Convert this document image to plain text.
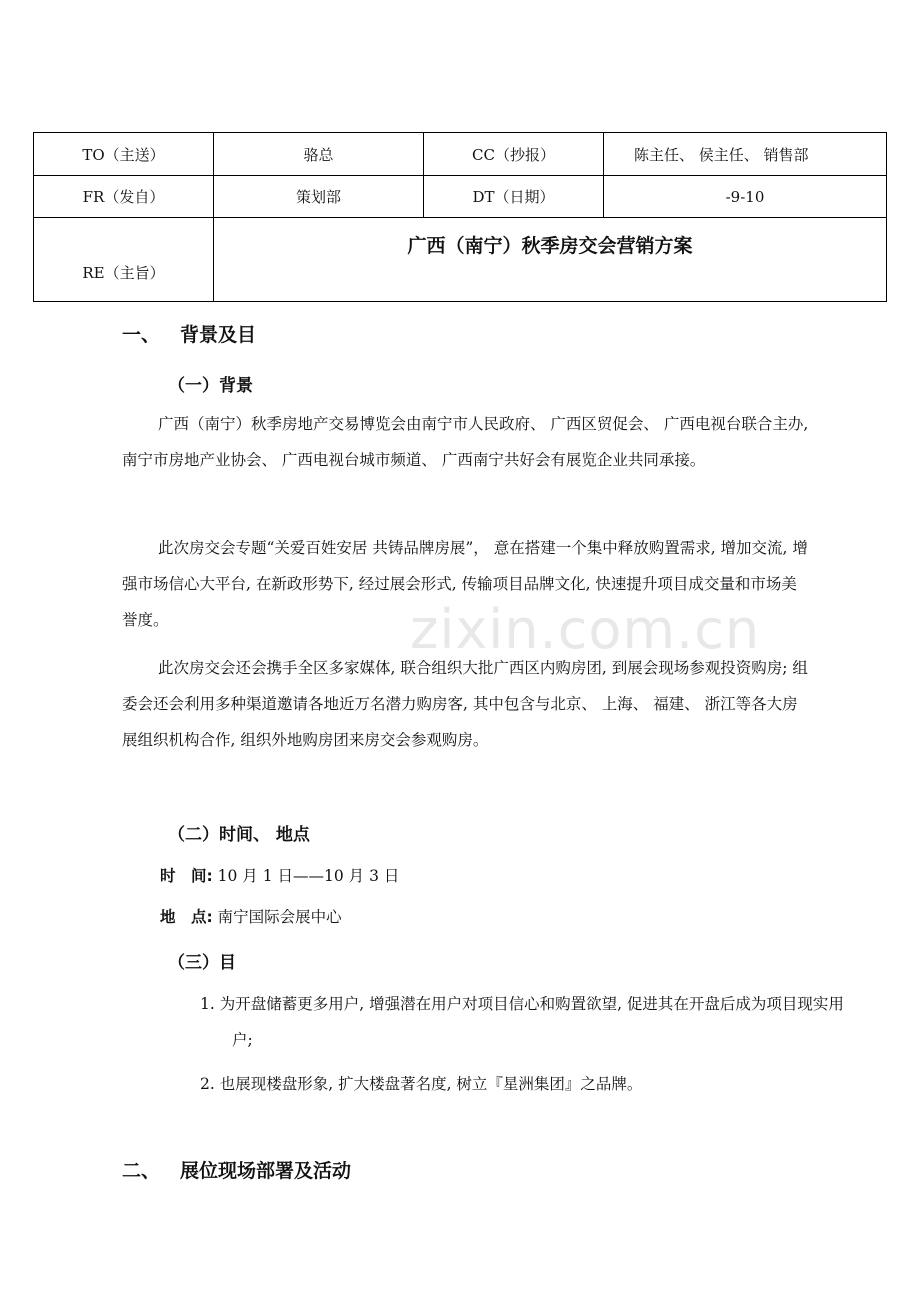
TO（主送）	骆总	CC（抄报）	陈主任、 侯主任、 销售部
FR（发自）	策划部	DT（日期）	-9-10
RE（主旨）	广西（南宁）秋季房交会营销方案		
一、 背景及目
（一）背景

广西（南宁）秋季房地产交易博览会由南宁市人民政府、 广西区贸促会、 广西电视台联合主办, 南宁市房地产业协会、 广西电视台城市频道、 广西南宁共好会有展览企业共同承接。

此次房交会专题“关爱百姓安居 共铸品牌房展”， 意在搭建一个集中释放购置需求, 增加交流, 增强市场信心大平台, 在新政形势下, 经过展会形式, 传输项目品牌文化, 快速提升项目成交量和市场美誉度。

此次房交会还会携手全区多家媒体, 联合组织大批广西区内购房团, 到展会现场参观投资购房; 组委会还会利用多种渠道邀请各地近万名潜力购房客, 其中包含与北京、 上海、 福建、 浙江等各大房展组织机构合作, 组织外地购房团来房交会参观购房。

（二）时间、 地点
时　间: 10 月 1 日——10 月 3 日
地　点: 南宁国际会展中心
（三）目

1. 为开盘储蓄更多用户, 增强潜在用户对项目信心和购置欲望, 促进其在开盘后成为项目现实用户;

2. 也展现楼盘形象, 扩大楼盘著名度, 树立『星洲集团』之品牌。

二、 展位现场部署及活动
zixin.com.cn
